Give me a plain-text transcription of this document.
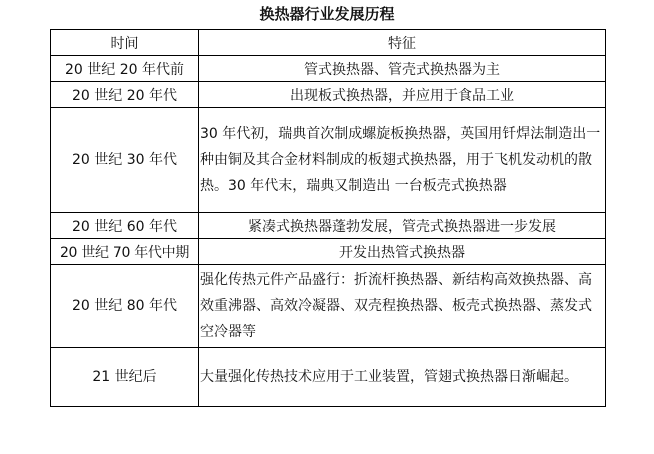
换热器行业发展历程
时间	特征
20 世纪 20 年代前	管式换热器、管壳式换热器为主
20 世纪 20 年代	出现板式换热器，并应用于食品工业
20 世纪 30 年代	30 年代初，瑞典首次制成螺旋板换热器，英国用钎焊法制造出一种由铜及其合金材料制成的板翅式换热器，用于飞机发动机的散热。30 年代末，瑞典又制造出 一台板壳式换热器
20 世纪 60 年代	紧凑式换热器蓬勃发展，管壳式换热器进一步发展
20 世纪 70 年代中期	开发出热管式换热器
20 世纪 80 年代	强化传热元件产品盛行：折流杆换热器、新结构高效换热器、高效重沸器、高效冷凝器、双壳程换热器、板壳式换热器、蒸发式空冷器等
21 世纪后	大量强化传热技术应用于工业装置，管翅式换热器日渐崛起。
